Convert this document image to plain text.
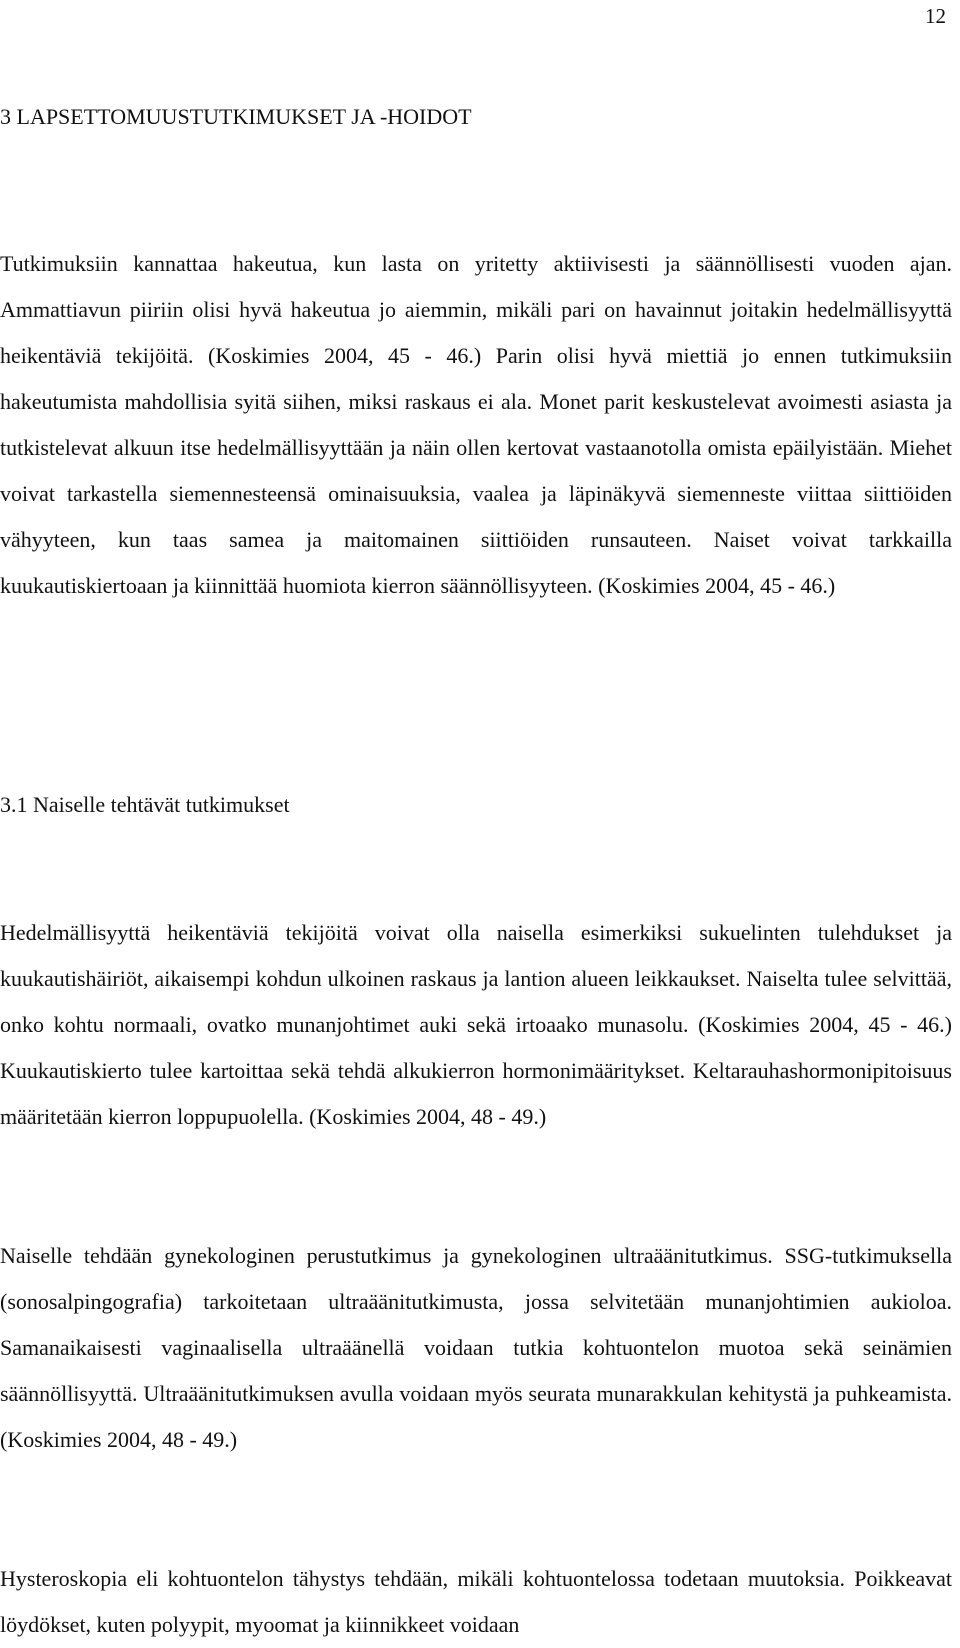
12
3 LAPSETTOMUUSTUTKIMUKSET JA -HOIDOT

Tutkimuksiin kannattaa hakeutua, kun lasta on yritetty aktiivisesti ja säännöllisesti vuoden ajan. Ammattiavun piiriin olisi hyvä hakeutua jo aiemmin, mikäli pari on havainnut joitakin hedelmällisyyttä heikentäviä tekijöitä. (Koskimies 2004, 45 - 46.) Parin olisi hyvä miettiä jo ennen tutkimuksiin hakeutumista mahdollisia syitä siihen, miksi raskaus ei ala. Monet parit keskustelevat avoimesti asiasta ja tutkistelevat alkuun itse hedelmällisyyttään ja näin ollen kertovat vastaanotolla omista epäilyistään. Miehet voivat tarkastella siemennesteensä ominaisuuksia, vaalea ja läpinäkyvä siemenneste viittaa siittiöiden vähyyteen, kun taas samea ja maitomainen siittiöiden runsauteen. Naiset voivat tarkkailla kuukautiskiertoaan ja kiinnittää huomiota kierron säännöllisyyteen. (Koskimies 2004, 45 - 46.)

3.1 Naiselle tehtävät tutkimukset

Hedelmällisyyttä heikentäviä tekijöitä voivat olla naisella esimerkiksi sukuelinten tulehdukset ja kuukautishäiriöt, aikaisempi kohdun ulkoinen raskaus ja lantion alueen leikkaukset. Naiselta tulee selvittää, onko kohtu normaali, ovatko munanjohtimet auki sekä irtoaako munasolu. (Koskimies 2004, 45 - 46.) Kuukautiskierto tulee kartoittaa sekä tehdä alkukierron hormonimääritykset. Keltarauhashormonipitoisuus määritetään kierron loppupuolella. (Koskimies 2004, 48 - 49.)

Naiselle tehdään gynekologinen perustutkimus ja gynekologinen ultraäänitutkimus. SSG-tutkimuksella (sonosalpingografia) tarkoitetaan ultraäänitutkimusta, jossa selvitetään munanjohtimien aukioloa. Samanaikaisesti vaginaalisella ultraäänellä voidaan tutkia kohtuontelon muotoa sekä seinämien säännöllisyyttä. Ultraäänitutkimuksen avulla voidaan myös seurata munarakkulan kehitystä ja puhkeamista. (Koskimies 2004, 48 - 49.)

Hysteroskopia eli kohtuontelon tähystys tehdään, mikäli kohtuontelossa todetaan muutoksia. Poikkeavat löydökset, kuten polyypit, myoomat ja kiinnikkeet voidaan
